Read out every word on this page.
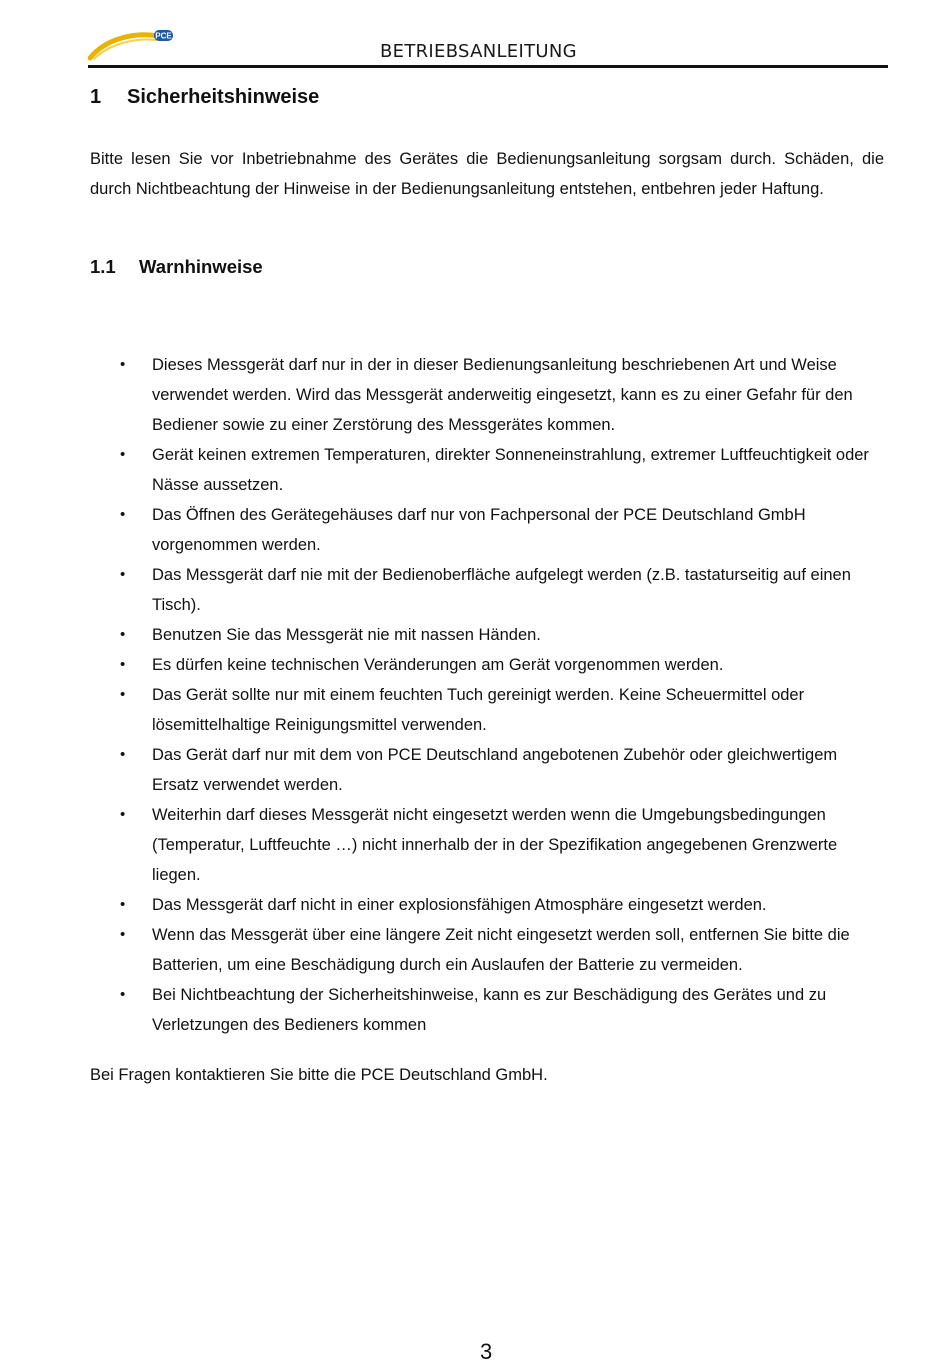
PCE
BETRIEBSANLEITUNG
1 Sicherheitshinweise

Bitte lesen Sie vor Inbetriebnahme des Gerätes die Bedienungsanleitung sorgsam durch. Schäden, die durch Nichtbeachtung der Hinweise in der Bedienungsanleitung entstehen, entbehren jeder Haftung.

1.1 Warnhinweise
• Dieses Messgerät darf nur in der in dieser Bedienungsanleitung beschriebenen Art und Weise verwendet werden. Wird das Messgerät anderweitig eingesetzt, kann es zu einer Gefahr für den Bediener sowie zu einer Zerstörung des Messgerätes kommen.
• Gerät keinen extremen Temperaturen, direkter Sonneneinstrahlung, extremer Luftfeuchtigkeit oder Nässe aussetzen.
• Das Öffnen des Gerätegehäuses darf nur von Fachpersonal der PCE Deutschland GmbH vorgenommen werden.
• Das Messgerät darf nie mit der Bedienoberfläche aufgelegt werden (z.B. tastaturseitig auf einen Tisch).
• Benutzen Sie das Messgerät nie mit nassen Händen.
• Es dürfen keine technischen Veränderungen am Gerät vorgenommen werden.
• Das Gerät sollte nur mit einem feuchten Tuch gereinigt werden. Keine Scheuermittel oder lösemittelhaltige Reinigungsmittel verwenden.
• Das Gerät darf nur mit dem von PCE Deutschland angebotenen Zubehör oder gleichwertigem Ersatz verwendet werden.
• Weiterhin darf dieses Messgerät nicht eingesetzt werden wenn die Umgebungsbedingungen (Temperatur, Luftfeuchte …) nicht innerhalb der in der Spezifikation angegebenen Grenzwerte liegen.
• Das Messgerät darf nicht in einer explosionsfähigen Atmosphäre eingesetzt werden.
• Wenn das Messgerät über eine längere Zeit nicht eingesetzt werden soll, entfernen Sie bitte die Batterien, um eine Beschädigung durch ein Auslaufen der Batterie zu vermeiden.
• Bei Nichtbeachtung der Sicherheitshinweise, kann es zur Beschädigung des Gerätes und zu Verletzungen des Bedieners kommen

Bei Fragen kontaktieren Sie bitte die PCE Deutschland GmbH.

3
